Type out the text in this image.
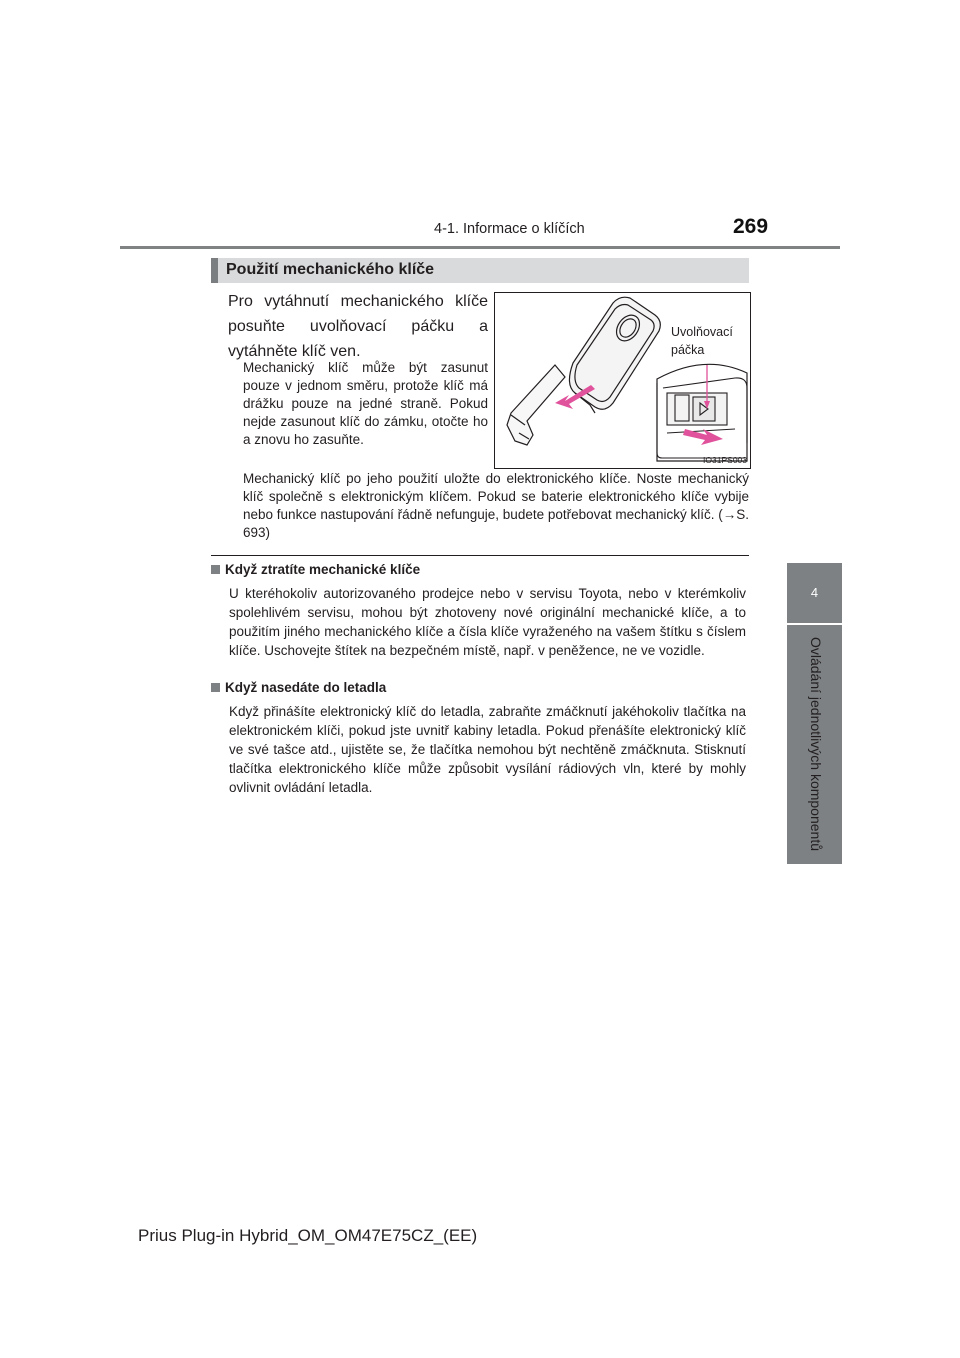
4-1. Informace o klíčích	269
4
Ovládání jednotlivých komponentů
Použití mechanického klíče
Pro vytáhnutí mechanického klíče posuňte uvolňovací páčku a vytáhněte klíč ven.
Mechanický klíč může být zasunut pouze v jednom směru, protože klíč má drážku pouze na jedné straně. Pokud nejde zasunout klíč do zámku, otočte ho a znovu ho zasuňte.
Uvolňovací
páčka
IO31PS003
Mechanický klíč po jeho použití uložte do elektronického klíče. Noste mechanický klíč společně s elektronickým klíčem. Pokud se baterie elektronického klíče vybije nebo funkce nastupování řádně nefunguje, budete potřebovat mechanický klíč. (→S. 693)
Když ztratíte mechanické klíče
U kteréhokoliv autorizovaného prodejce nebo v servisu Toyota, nebo v kterémkoliv spolehlivém servisu, mohou být zhotoveny nové originální mechanické klíče, a to použitím jiného mechanického klíče a čísla klíče vyraženého na vašem štítku s číslem klíče. Uschovejte štítek na bezpečném místě, např. v peněžence, ne ve vozidle.
Když nasedáte do letadla
Když přinášíte elektronický klíč do letadla, zabraňte zmáčknutí jakéhokoliv tlačítka na elektronickém klíči, pokud jste uvnitř kabiny letadla. Pokud přenášíte elektronický klíč ve své tašce atd., ujistěte se, že tlačítka nemohou být nechtěně zmáčknuta. Stisknutí tlačítka elektronického klíče může způsobit vysílání rádiových vln, které by mohly ovlivnit ovládání letadla.
Prius Plug-in Hybrid_OM_OM47E75CZ_(EE)
